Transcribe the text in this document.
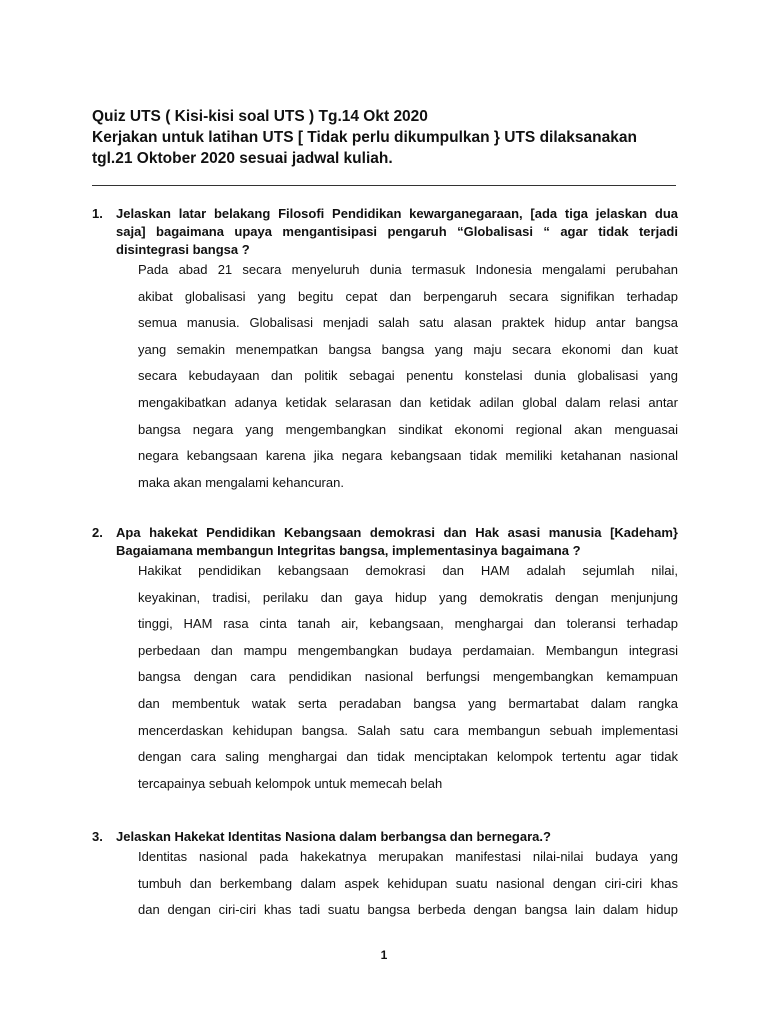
Quiz UTS ( Kisi-kisi soal UTS ) Tg.14 Okt 2020
Kerjakan untuk latihan UTS [ Tidak perlu dikumpulkan } UTS dilaksanakan
tgl.21 Oktober 2020 sesuai jadwal kuliah.
1.	Jelaskan latar belakang Filosofi Pendidikan kewarganegaraan, [ada tiga jelaskan dua
saja] bagaimana upaya mengantisipasi pengaruh “Globalisasi “ agar tidak terjadi
disintegrasi bangsa ?
Pada abad 21 secara menyeluruh dunia termasuk Indonesia mengalami perubahan
akibat globalisasi yang begitu cepat dan berpengaruh secara signifikan terhadap
semua manusia. Globalisasi menjadi salah satu alasan praktek hidup antar bangsa
yang semakin menempatkan bangsa bangsa yang maju secara ekonomi dan kuat
secara kebudayaan dan politik sebagai penentu konstelasi dunia globalisasi yang
mengakibatkan adanya ketidak selarasan dan ketidak adilan global dalam relasi antar
bangsa negara yang mengembangkan sindikat ekonomi regional akan menguasai
negara kebangsaan karena jika negara kebangsaan tidak memiliki ketahanan nasional
maka akan mengalami kehancuran.
2.	Apa hakekat Pendidikan Kebangsaan demokrasi dan Hak asasi manusia [Kadeham}
Bagaiamana membangun Integritas bangsa, implementasinya bagaimana ?
Hakikat pendidikan kebangsaan demokrasi dan HAM adalah sejumlah nilai,
keyakinan, tradisi, perilaku dan gaya hidup yang demokratis dengan menjunjung
tinggi, HAM rasa cinta tanah air, kebangsaan, menghargai dan toleransi terhadap
perbedaan dan mampu mengembangkan budaya perdamaian. Membangun integrasi
bangsa dengan cara pendidikan nasional berfungsi mengembangkan kemampuan
dan membentuk watak serta peradaban bangsa yang bermartabat dalam rangka
mencerdaskan kehidupan bangsa. Salah satu cara membangun sebuah implementasi
dengan cara saling menghargai dan tidak menciptakan kelompok tertentu agar tidak
tercapainya sebuah kelompok untuk memecah belah
3.	Jelaskan Hakekat Identitas Nasiona dalam berbangsa dan bernegara.?
Identitas nasional pada hakekatnya merupakan manifestasi nilai-nilai budaya yang
tumbuh dan berkembang dalam aspek kehidupan suatu nasional dengan ciri-ciri khas
dan dengan ciri-ciri khas tadi suatu bangsa berbeda dengan bangsa lain dalam hidup
1
